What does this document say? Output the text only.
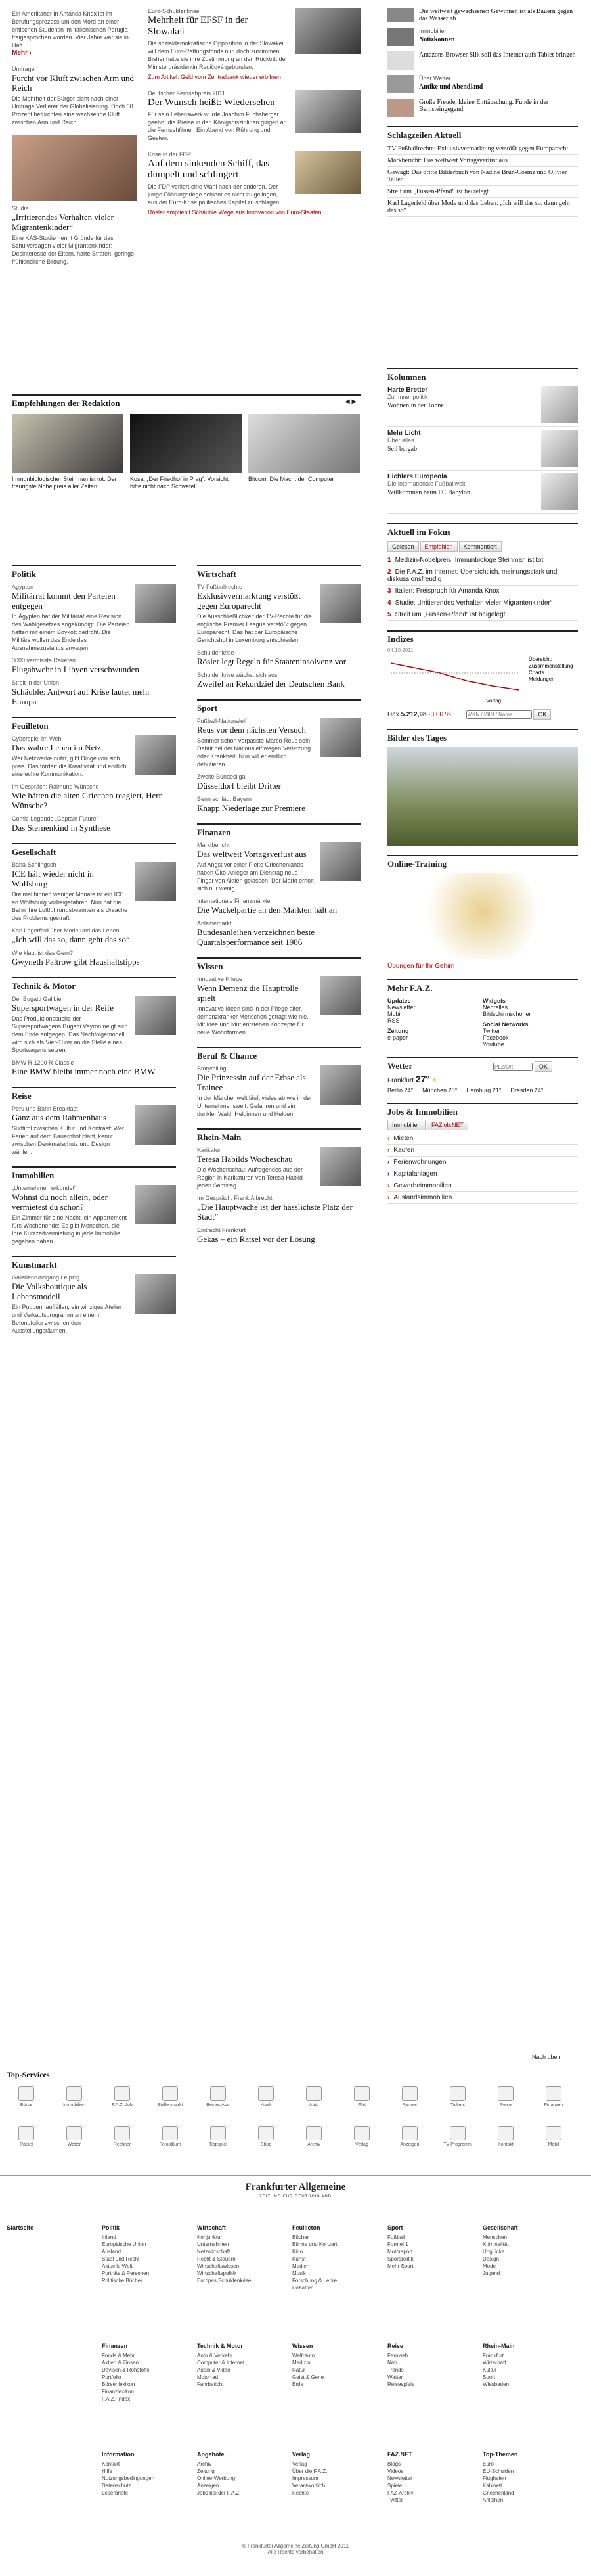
Ein Amerikaner in Amanda Knox ist ihr Berufungsprozess um den Mord an einer britischen Studentin im italienischen Perugia freigesprochen worden. Vier Jahre war sie in Haft.
Mehr ›
Umfrage
Furcht vor Kluft zwischen Arm und Reich
Die Mehrheit der Bürger sieht nach einer Umfrage Verlierer der Globalisierung. Doch 60 Prozent befürchten eine wachsende Kluft zwischen Arm und Reich.
Studie
„Irritierendes Verhalten vieler Migrantenkinder“
Eine KAS-Studie nennt Gründe für das Schulversagen vieler Migrantenkinder: Desinteresse der Eltern, harte Strafen, geringe frühkindliche Bildung.
Euro-Schuldenkrise
Mehrheit für EFSF in der Slowakei
Die sozialdemokratische Opposition in der Slowakei will dem Euro-Rettungsfonds nun doch zustimmen. Bisher hatte sie ihre Zustimmung an den Rücktritt der Ministerpräsidentin Radičová gebunden.
Zum Artikel: Geld vom Zentralbank wieder eröffnen
Deutscher Fernsehpreis 2011
Der Wunsch heißt: Wiedersehen
Für sein Lebenswerk wurde Joachim Fuchsberger geehrt, die Preise in den Königsdisziplinen gingen an die Fernsehfilmer. Ein Abend von Rührung und Gesten.
Krise in der FDP
Auf dem sinkenden Schiff, das dümpelt und schlingert
Die FDP verliert eine Wahl nach der anderen. Der junge Führungsriege schient es nicht zu gelingen, aus der Euro-Krise politisches Kapital zu schlagen.
Rösler empfiehlt Schäuble Wege aus Innovation von Euro-Staaten
Die weltweit gewachsenen Gewinnen ist als Bauern gegen das Wasser ab
Immobilien
Notizkonnen
Amazons Browser Silk soll das Internet aufs Tablet bringen
Über Wetter
Antike und Abendland
Große Freude, kleine Enttäuschung. Funde in der Bernsteingegend
Schlagzeilen Aktuell
TV-Fußballrechte: Exklusivvermarktung verstößt gegen Europarecht
Markbericht: Das weltweit Vortagsverlust aus
Gewagt: Das dritte Bilderbuch von Nadine Brun-Cosme und Olivier Tallec
Streit um „Fussen-Pfand“ ist beigelegt
Karl Lagerfeld über Mode und das Leben: „Ich will das so, dann geht das so“
Empfehlungen der Redaktion	◀ ▶
Immunbiologischer Steinman ist tot: Der traurigste Nobelpreis aller Zeiten
Kosa: „Der Friedhof in Prag“: Vorsicht, bitte nicht nach Schwefel!
Bitcom: Die Macht der Computer
Kolumnen
Harte Bretter
Zur Innenpolitik
Wohnen in der Tonne
Mehr Licht
Über alles
Seil bergab
Eichlers Europeola
Die internationale Fußballwelt
Willkommen beim FC Babylon
Aktuell im Fokus
Gelesen Empfohlen Kommentiert
1 Medizin-Nobelpreis: Immunbiologe Steinman ist tot
2 Die F.A.Z. im Internet: Übersichtlich, meinungsstark und diskussionsfreudig
3 Italien: Freispruch für Amanda Knox
4 Studie: „Irritierendes Verhalten vieler Migrantenkinder“
5 Streit um „Fussen-Pfand“ ist beigelegt
Indizes
04.10.2011
Übersicht: Zusammenstellung Charts Meldungen
Vortag
Dax 5.212,98 -3,00 % WKN / ISIN / Name	OK
Bilder des Tages
Online-Training
Übungen für Ihr Gehirn
Mehr F.A.Z.
Updates
Newsletter
Mobil
RSS
Zeitung
e-paper
Widgets
Nebrelles
Bildschirmschoner
Social Networks
Twitter
Facebook
Youtube
Wetter PLZ/Ort	OK
Frankfurt 27° ☀
Berlin 24° München 23° Hamburg 21° Dresden 24°
Jobs & Immobilien
Immobilien FAZjob.NET
› Mieten
› Kaufen
› Ferienwohnungen
› Kapitalanlagen
› Gewerbeimmobilien
› Auslandsimmobilien
Politik
Ägypten
Militärrat kommt den Parteien entgegen
In Ägypten hat der Militärrat eine Revision des Wahlgesetzes angekündigt. Die Parteien hatten mit einem Boykott gedroht. Die Militärs wollen das Ende des Ausnahmezustands erwägen.
3000 vermisste Raketen
Flugabwehr in Libyen verschwunden
Streit in der Union
Schäuble: Antwort auf Krise lautet mehr Europa
Feuilleton
Cyberspiel im Web
Das wahre Leben im Netz
Wer Netzwerke nutzt, gibt Dinge von sich preis. Das fördert die Kreativität und endlich eine echte Kommunikation.
Im Gespräch: Raimund Wünsche
Wie hätten die alten Griechen reagiert, Herr Wünsche?
Comic-Legende „Captain Future“
Das Sternenkind in Synthese
Gesellschaft
Baha-Schlingsch
ICE hält wieder nicht in Wolfsburg
Dreimal binnen weniger Monate ist ein ICE an Wolfsburg vorbeigefahren. Nun hat die Bahn ihre Luftführungsbeamten als Ursache des Problems gestraft.
Karl Lagerfeld über Mode und das Leben
„Ich will das so, dann geht das so“
Wie klaut ist das Gern?
Gwyneth Paltrow gibt Haushaltstipps
Technik & Motor
Der Bugatti Galibier
Supersportwagen in der Reife
Das Produktionssuche der Supersportwagens Bugatti Veyron neigt sich dem Ende entgegen. Das Nachfolgemodell wird sich als Vier-Türer an die Stelle eines Sportwagens setzen.
BMW R 1200 R Classic
Eine BMW bleibt immer noch eine BMW
Reise
Peru und Bahn Breakfast
Ganz aus dem Rahmenhaus
Südtirol zwischen Kultur und Kontrast: Wer Ferien auf dem Bauernhof plant, kennt zwischen Denkmalschutz und Design wählen.
Immobilien
„Unternehmen erkundet“
Wohnst du noch allein, oder vermietest du schon?
Ein Zimmer für eine Nacht, ein Appartement fürs Wochenende: Es gibt Menschen, die Ihre Kurzzeitvermietung in jede Immobilie gegeben haben.
Kunstmarkt
Galerienrundgang Leipzig
Die Volksboutique als Lebensmodell
Ein Puppenhauffällen, ein winziges Atelier und Verkaufsprogramm an einem Betonpfeiler zwischen den Ausstellungsräumen.
Wirtschaft
TV-Fußballrechte
Exklusivvermarktung verstößt gegen Europarecht
Die Ausschließlichkeit der TV-Rechte für die englische Premier League verstößt gegen Europarecht. Das hat der Europäische Gerichtshof in Luxemburg entschieden.
Schuldenkrise
Rösler legt Regeln für Staateninsolvenz vor
Schuldenkrise wächst sich aus
Zweifel an Rekordziel der Deutschen Bank
Sport
Fußball-Nationalelf
Reus vor dem nächsten Versuch
Sommer schon verpasste Marco Reus sein Debüt bei der Nationalelf wegen Verletzung oder Krankheit. Nun will er endlich debütieren.
Zweite Bundesliga
Düsseldorf bleibt Dritter
Benn schlägt Bayern
Knapp Niederlage zur Premiere
Finanzen
Marktbericht
Das weltweit Vortagsverlust aus
Auf Angst vor einer Pleite Griechenlands haben Öko-Anleger am Dienstag neue Finger von Aktien gelassen. Der Markt erholt sich nur wenig.
Internationale Finanzmärkte
Die Wackelpartie an den Märkten hält an
Anleihemarkt
Bundesanleihen verzeichnen beste Quartalsperformance seit 1986
Wissen
Innovative Pflege
Wenn Demenz die Hauptrolle spielt
Innovative Ideen sind in der Pflege alter, demenzkranker Menschen gefragt wie nie. Mit Idee und Mut entstehen Konzepte für neue Wohnformen.
Beruf & Chance
Storytelling
Die Prinzessin auf der Erbse als Trainee
In der Märchenwelt läuft vieles ab wie in der Unternehmenswelt. Gefahren und ein dunkler Wald, Heldinnen und Helden.
Rhein-Main
Karikatur
Teresa Habilds Wocheschau
Die Wochenschau: Aufregendes aus der Region in Karikaturen von Teresa Habild jeden Samstag.
Im Gespräch: Frank Albrecht
„Die Hauptwache ist der hässlichste Platz der Stadt“
Eintracht Frankfurt
Gekas – ein Rätsel vor der Lösung
Nach oben
Top-Services
Börse	Immobilien	F.A.Z. Job	Stellenmarkt	Bestes Abo	Kiosk	Auto	Flirt	Partner	Tickets	Reise	Finanzen
Rätsel	Wetter	Rechner	Fotoalbum	Tippspiel	Shop	Archiv	Verlag	Anzeigen	TV-Programm	Kontakt	Mobil
Frankfurter Allgemeine
ZEITUNG FÜR DEUTSCHLAND
Startseite	Politik
Inland
Europäische Union
Ausland
Staat und Recht
Aktuelle Welt
Porträts & Personen
Politische Bücher
Wirtschaft
Konjunktur
Unternehmen
Netzwirtschaft
Recht & Steuern
Wirtschaftswissen
Wirtschaftspolitik
Europas Schuldenkrise
Feuilleton
Bücher
Bühne und Konzert
Kino
Kunst
Medien
Musik
Forschung & Lehre
Debatten
Sport
Fußball
Formel 1
Motorsport
Sportpolitik
Mehr Sport
Gesellschaft
Menschen
Kriminalität
Unglücke
Design
Mode
Jugend
Finanzen
Fonds & Mehr
Aktien & Zinsen
Devisen & Rohstoffe
Portfolio
Börsenlexikon
Finanzlexikon
F.A.Z.-Index
Technik & Motor
Auto & Verkehr
Computer & Internet
Audio & Video
Motorrad
Fahrbericht
Wissen
Weltraum
Medizin
Natur
Geist & Gene
Erde
Reise
Fernweh
Nah
Trends
Wetter
Reisespiele
Rhein-Main
Frankfurt
Wirtschaft
Kultur
Sport
Wiesbaden
Information
Kontakt
Hilfe
Nutzungsbedingungen
Datenschutz
Leserbriefe
Angebote
Archiv
Zeitung
Online-Werbung
Anzeigen
Jobs bei der F.A.Z.
Verlag
Verlag
Über die F.A.Z.
Impressum
Verantwortlich
Rechte
FAZ.NET
Blogs
Videos
Newsletter
Spiele
FAZ-Archiv
Twitter
Top-Themen
Euro
EU-Schulden
Flughafen
Kabinett
Griechenland
Anleihen
© Frankfurter Allgemeine Zeitung GmbH 2011
Alle Rechte vorbehalten
